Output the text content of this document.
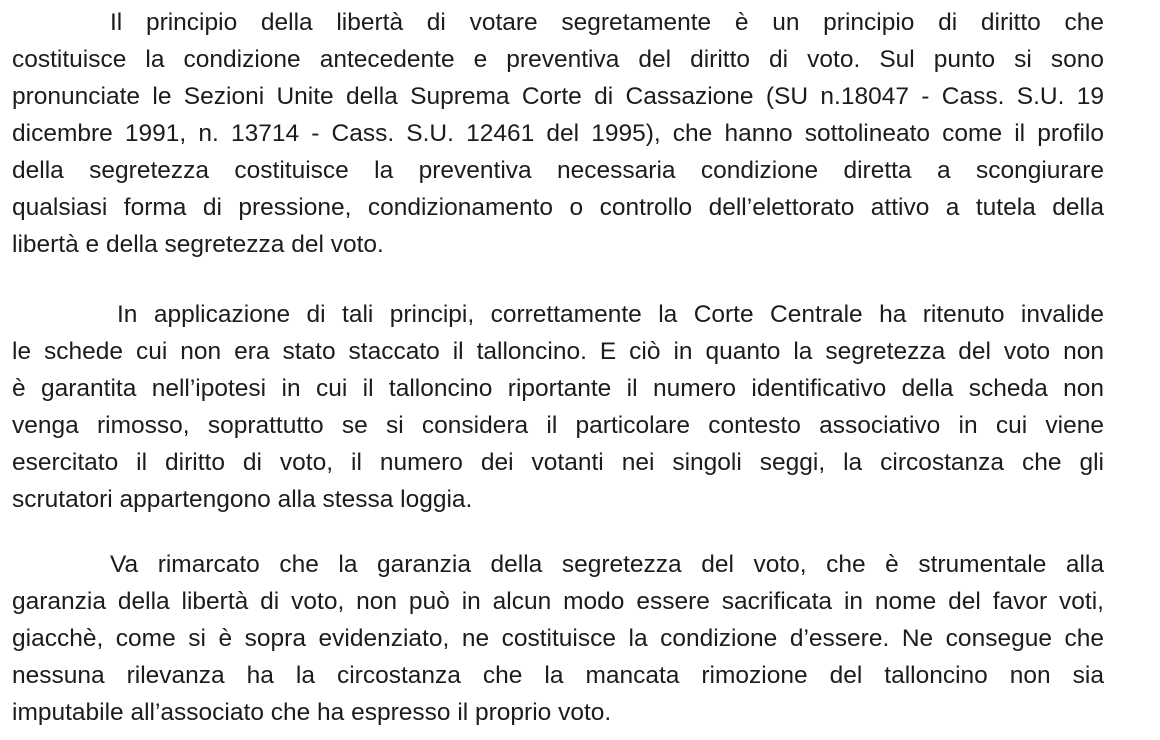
Il principio della libertà di votare segretamente è un principio di diritto che
costituisce la condizione antecedente e preventiva del diritto di voto. Sul punto si sono
pronunciate le Sezioni Unite della Suprema Corte di Cassazione (SU n.18047 - Cass. S.U. 19
dicembre 1991, n. 13714 - Cass. S.U. 12461 del 1995), che hanno sottolineato come il profilo
della segretezza costituisce la preventiva necessaria condizione diretta a scongiurare
qualsiasi forma di pressione, condizionamento o controllo dell’elettorato attivo a tutela della
libertà e della segretezza del voto.

In applicazione di tali principi, correttamente la Corte Centrale ha ritenuto invalide
le schede cui non era stato staccato il talloncino. E ciò in quanto la segretezza del voto non
è garantita nell’ipotesi in cui il talloncino riportante il numero identificativo della scheda non
venga rimosso, soprattutto se si considera il particolare contesto associativo in cui viene
esercitato il diritto di voto, il numero dei votanti nei singoli seggi, la circostanza che gli
scrutatori appartengono alla stessa loggia.

Va rimarcato che la garanzia della segretezza del voto, che è strumentale alla
garanzia della libertà di voto, non può in alcun modo essere sacrificata in nome del favor voti,
giacchè, come si è sopra evidenziato, ne costituisce la condizione d’essere. Ne consegue che
nessuna rilevanza ha la circostanza che la mancata rimozione del talloncino non sia
imputabile all’associato che ha espresso il proprio voto.
